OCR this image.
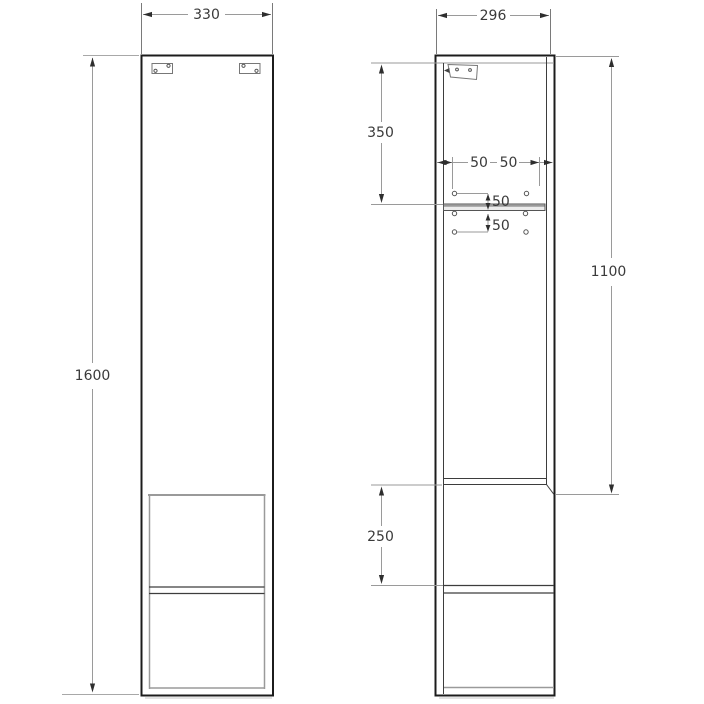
330
1600
296
350
250
1100
50 50
50
50
